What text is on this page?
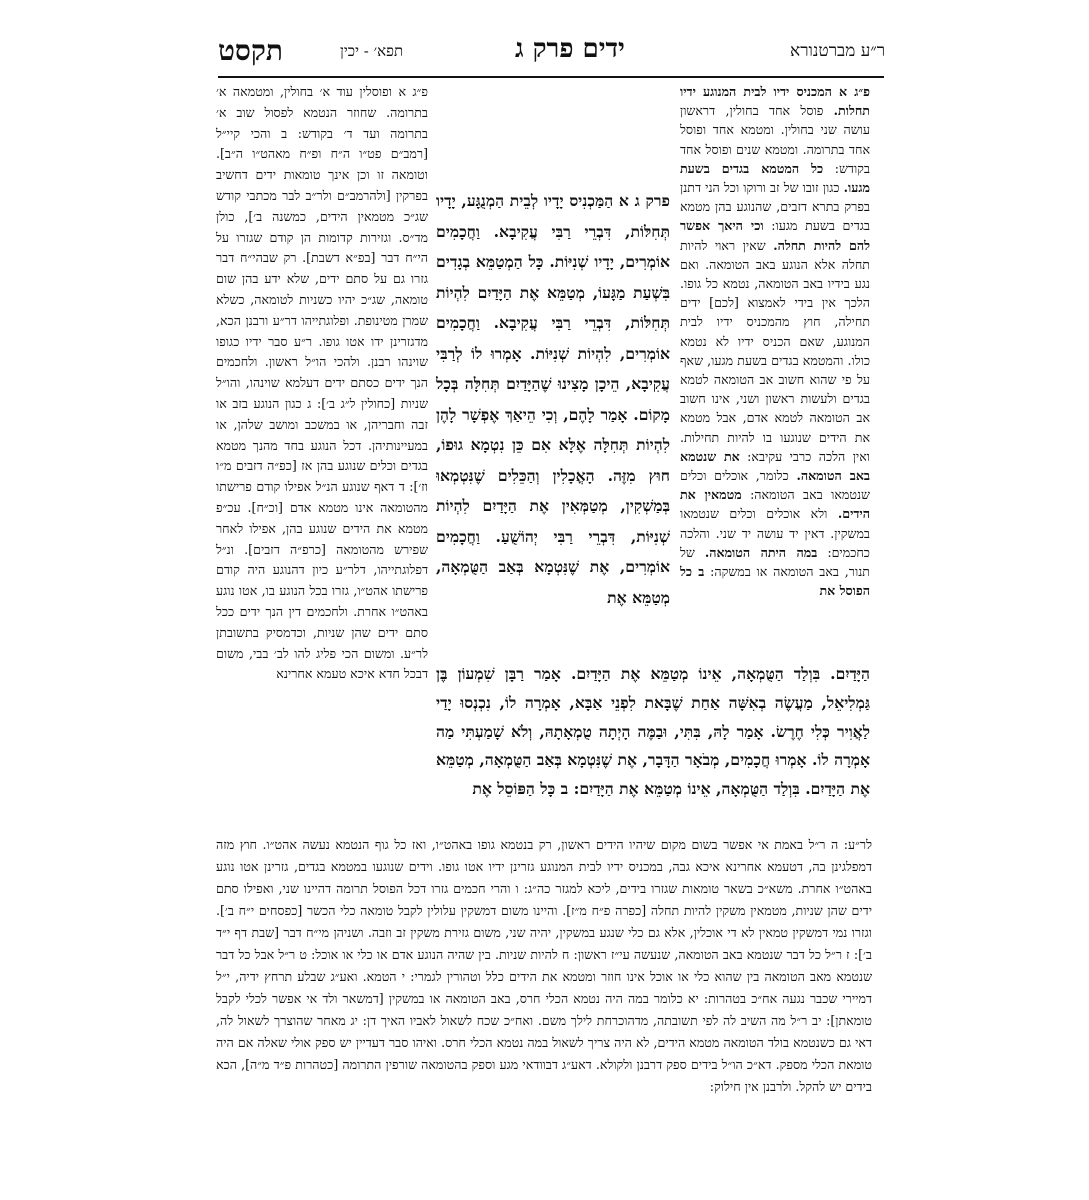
תקסט	תפא׳ - יכין	ידים פרק ג	ר״ע מברטנורא

פ״ג א המכניס ידיו לבית המנוגע ידיו תחלות. פוסל אחד בחולין, דראשון עושה שני בחולין. ומטמא אחד ופוסל אחד בתרומה. ומטמא שנים ופוסל אחד בקודש: כל המטמא בגדים בשעת מגעו. כגון זובו של זב ורוקו וכל הני דתנן בפרק בתרא דזבים, שהנוגע בהן מטמא בגדים בשעת מגעו: וכי היאך אפשר להם להיות תחלה. שאין ראוי להיות תחלה אלא הנוגע באב הטומאה. ואם נגע בידיו באב הטומאה, נטמא כל גופו. הלכך אין בידי לאמצוא [לכם] ידים תחילה, חוץ מהמכניס ידיו לבית המנוגע, שאם הכניס ידיו לא נטמא כולו. והמטמא בגדים בשעת מגעו, שאף על פי שהוא חשוב אב הטומאה לטמא בגדים ולעשות ראשון ושני, אינו חשוב אב הטומאה לטמא אדם, אבל מטמא את הידים שנוגעו בו להיות תחילות. ואין הלכה כרבי עקיבא: את שנטמא באב הטומאה. כלומר, אוכלים וכלים שנטמאו באב הטומאה: מטמאין את הידים. ולא אוכלים וכלים שנטמאו במשקין. דאין יד עושה יד שני. והלכה כחכמים: במה היתה הטומאה. של תנור, באב הטומאה או במשקה: ב כל הפוסל את

פרק ג א הַמַּכְנִיס יָדָיו לְבֵית הַמְנֻגָּע, יָדָיו תְּחִלּוֹת, דִּבְרֵי רַבִּי עֲקִיבָא. וַחֲכָמִים אוֹמְרִים, יָדָיו שְׁנִיּוֹת. כָּל הַמְטַמֵּא בְגָדִים בִּשְׁעַת מַגָּעוֹ, מְטַמֵּא אֶת הַיָּדַיִם לִהְיוֹת תְּחִלּוֹת, דִּבְרֵי רַבִּי עֲקִיבָא. וַחֲכָמִים אוֹמְרִים, לִהְיוֹת שְׁנִיּוֹת. אָמְרוּ לוֹ לְרַבִּי עֲקִיבָא, הֵיכָן מָצִינוּ שֶׁהַיָּדַיִם תְּחִלָּה בְּכָל מָקוֹם. אָמַר לָהֶם, וְכִי הֵיאַךְ אֶפְשָׁר לָהֶן לִהְיוֹת תְּחִלָּה אֶלָּא אִם כֵּן נִטְמָא גוּפוֹ, חוּץ מִזֶּה. הָאֳכָלִין וְהַכֵּלִים שֶׁנִּטְמְאוּ בְּמַשְׁקִין, מְטַמְּאִין אֶת הַיָּדַיִם לִהְיוֹת שְׁנִיּוֹת, דִּבְרֵי רַבִּי יְהוֹשֻׁעַ. וַחֲכָמִים אוֹמְרִים, אֶת שֶׁנִּטְמָא בְּאַב הַטֻּמְאָה, מְטַמֵּא אֶת

פ״ג א ופוסלין עוד א׳ בחולין, ומטמאה א׳ בתרומה. שחוזר הנטמא לפסול שוב א׳ בתרומה ועד ד׳ בקודש: ב והכי קיי״ל [רמב״ם פט״ו ה״ח ופ״ח מאהט״ו ה״ב]. וטומאה זו וכן אינך טומאות ידים דחשיב בפרקין [ולהרמב״ם ולר״ב לבר מכתבי קודש שג״כ מטמאין הידים, כמשנה ב׳], כולן מד״ס. וגזירות קדומות הן קודם שגזרו על הי״ח דבר [בפ״א דשבת]. רק שבהי״ח דבר גזרו גם על סתם ידים, שלא ידע בהן שום טומאה, שג״כ יהיו כשניות לטומאה, כשלא שמרן מטינופת. ופלוגתייהו דר״ע ורבנן הכא, מדגזרינן ידו אטו גופו. ר״ע סבר ידיו כגופו שוינהו רבנן. ולהכי הו״ל ראשון. ולחכמים הנך ידים כסתם ידים דעלמא שוינהו, והו״ל שניות [כחולין ל״ג ב׳]: ג כגון הנוגע בזב או זבה וחבריהן, או במשכב ומושב שלהן, או במעיינותיהן. דכל הנוגע בחד מהנך מטמא בגדים וכלים שנוגע בהן אז [כפ״ה דזבים מ״ו וז׳]: ד דאף שנוגע הנ״ל אפילו קודם פרישתו מהטומאה אינו מטמא אדם [וכ״ח]. עכ״פ מטמא את הידים שנוגע בהן, אפילו לאחר שפירש מהטומאה [כרפ״ה דזבים]. ונ״ל דפלוגתייהו, דלר״ע כיון דהנוגע היה קודם פרישתו אהט״ו, גזרו בכל הנוגע בו, אטו נוגע באהט״ו אחרת. ולחכמים דין הנך ידים ככל סתם ידים שהן שניות, וכדמסיק בתשובתן לר״ע. ומשום הכי פליג להו לב׳ בבי, משום דבכל חדא איכא טעמא אחרינא הַיָּדַיִם. בִּוְלַד הַטֻּמְאָה, אֵינוֹ מְטַמֵּא אֶת הַיָּדַיִם. אָמַר רַבָּן שִׁמְעוֹן בֶּן גַּמְלִיאֵל, מַעֲשֶׂה בְאִשָּׁה אַחַת שֶׁבָּאת לִפְנֵי אַבָּא, אָמְרָה לוֹ, נִכְנְסוּ יָדַי לַאֲוִיר כְּלִי חֶרֶשׂ. אָמַר לָהּ, בִּתִּי, וּבַמֶּה הָיְתָה טֻמְאָתָהּ, וְלֹא שָׁמַעְתִּי מַה אָמְרָה לוֹ. אָמְרוּ חֲכָמִים, מְבֹאָר הַדָּבָר, אֶת שֶׁנִּטְמָא בְּאַב הַטֻּמְאָה, מְטַמֵּא אֶת הַיָּדַיִם. בִּוְלַד הַטֻּמְאָה, אֵינוֹ מְטַמֵּא אֶת הַיָּדַיִם: ב כָּל הַפּוֹסֵל אֶת

לר״ע: ה ר״ל באמת אי אפשר בשום מקום שיהיו הידים ראשון, רק בנטמא גופו באהט״ו, ואז כל גוף הנטמא נעשה אהט״ו. חוץ מזה דמפלגינן בה, דטעמא אחרינא איכא גבה, במכניס ידיו לבית המנוגע גזרינן ידיו אטו גופו. וידים שנוגעו במטמא בגדים, גזרינן אטו נוגע באהט״ו אחרת. משא״כ בשאר טומאות שגזרו בידים, ליכא למגזר כה״ג: ו והרי חכמים גזרו דכל הפוסל תרומה דהיינו שני, ואפילו סתם ידים שהן שניות, מטמאין משקין להיות תחלה [כפרה פ״ח מ״ז]. והיינו משום דמשקין עלולין לקבל טומאה כלי הכשר [כפסחים י״ח ב׳]. וגזרו נמי דמשקין טמאין לא די אוכלין, אלא גם כלי שנגע במשקין, יהיה שני, משום גזירת משקין זב וזבה. ושניהן מי״ח דבר [שבת דף י״ד ב׳]: ז ר״ל כל דבר שנטמא באב הטומאה, שנעשה עי״ז ראשון: ח להיות שניות. בין שהיה הנוגע אדם או כלי או אוכל: ט ר״ל אבל כל דבר שנטמא מאב הטומאה בין שהוא כלי או אוכל אינו חוזר ומטמא את הידים כלל וטהורין לגמרי: י הטמא. ואע״ג שבלע תרחץ ידיה, י״ל דמיירי שכבר נגעה אח״כ בטהרות: יא כלומר במה היה נטמא הכלי חרס, באב הטומאה או במשקין [דמשאר ולד אי אפשר לכלי לקבל טומאתן]: יב ר״ל מה השיב לה לפי תשובתה, מדהוכרחת לילך משם. ואח״כ שכח לשאול לאביו האיך דן: יג מאחר שהוצרך לשאול לה, דאי גם כשנטמא בולד הטומאה מטמא הידים, לא היה צריך לשאול במה נטמא הכלי חרס. ואיהו סבר דעדיין יש ספק אולי שאלה אם היה טומאת הכלי מספק. דא״כ הו״ל בידים ספק דרבנן ולקולא. דאע״ג דבוודאי מגע וספק בהטומאה שורפין התרומה [כטהרות פ״ד מ״ה], הכא בידים יש להקל. ולרבנן אין חילוק:
